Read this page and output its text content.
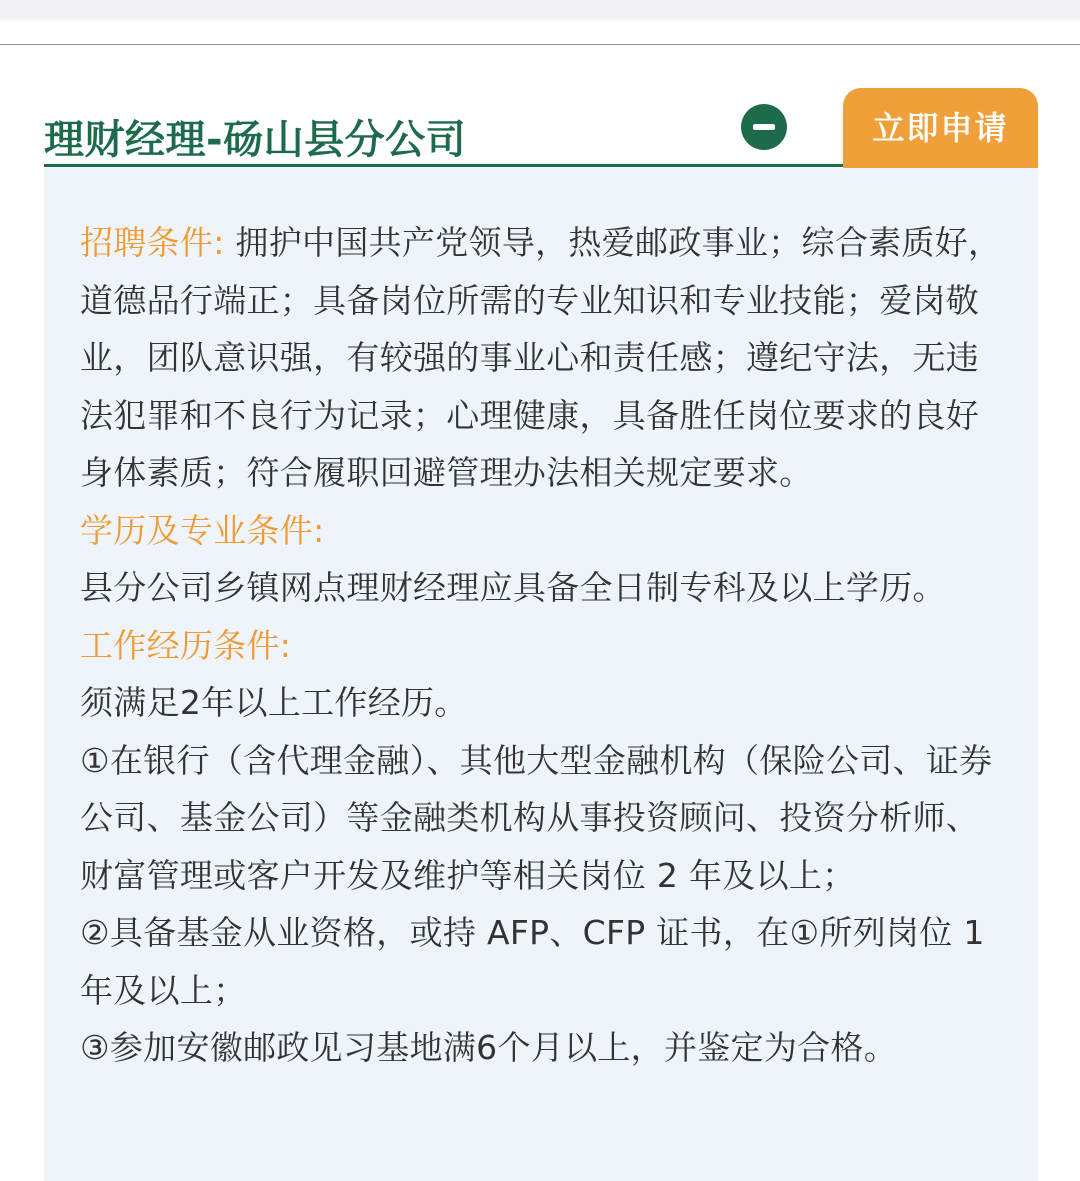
理财经理-砀山县分公司	立即申请

招聘条件: 拥护中国共产党领导，热爱邮政事业；综合素质好，道德品行端正；具备岗位所需的专业知识和专业技能；爱岗敬业，团队意识强，有较强的事业心和责任感；遵纪守法，无违法犯罪和不良行为记录；心理健康，具备胜任岗位要求的良好身体素质；符合履职回避管理办法相关规定要求。

学历及专业条件:

县分公司乡镇网点理财经理应具备全日制专科及以上学历。

工作经历条件:

须满足2年以上工作经历。

①在银行（含代理金融）、其他大型金融机构（保险公司、证券公司、基金公司）等金融类机构从事投资顾问、投资分析师、财富管理或客户开发及维护等相关岗位 2 年及以上；

②具备基金从业资格，或持 AFP、CFP 证书，在①所列岗位 1 年及以上；

③参加安徽邮政见习基地满6个月以上，并鉴定为合格。
